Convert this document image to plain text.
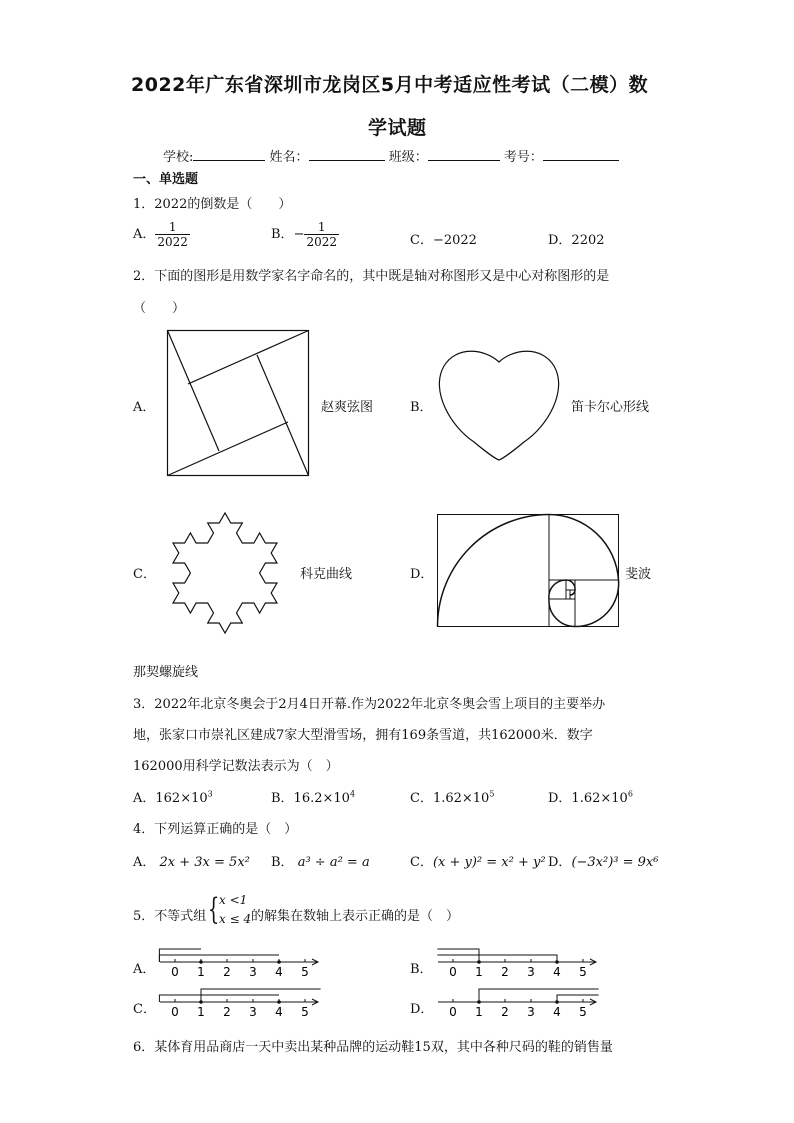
2022年广东省深圳市龙岗区5月中考适应性考试（二模）数
学试题
学校:	姓名：	班级：	考号：
一、单选题
1．2022的倒数是（　　）
A． $\frac{1}{2022}$	B．− $\frac{1}{2022}$	C．−2022	D．2202
2．下面的图形是用数学家名字命名的，其中既是轴对称图形又是中心对称图形的是
（　　）
A．	赵爽弦图	B．	笛卡尔心形线
C．	科克曲线	D．	斐波
那契螺旋线
3．2022年北京冬奥会于2月4日开幕.作为2022年北京冬奥会雪上项目的主要举办
地，张家口市崇礼区建成7家大型滑雪场，拥有169条雪道，共162000米．数字
162000用科学记数法表示为（　）
A．$162\times 10^3$	B．$16.2\times 10^4$	C．$1.62\times 10^5$	D．$1.62\times 10^6$
4．下列运算正确的是（　）
A． 2x + 3x = 5x² B． a³ ÷ a² = a	C．(x + y)² = x² + y² D．(−3x²)³ = 9x⁶
5．不等式组 { x <1
x ≤ 4 的解集在数轴上表示正确的是（　）
A．	B．
C．	D．
0 1 2 3 4 5	0 1 2 3 4 5
0 1 2 3 4 5	0 1 2 3 4 5
6．某体育用品商店一天中卖出某种品牌的运动鞋15双，其中各种尺码的鞋的销售量
